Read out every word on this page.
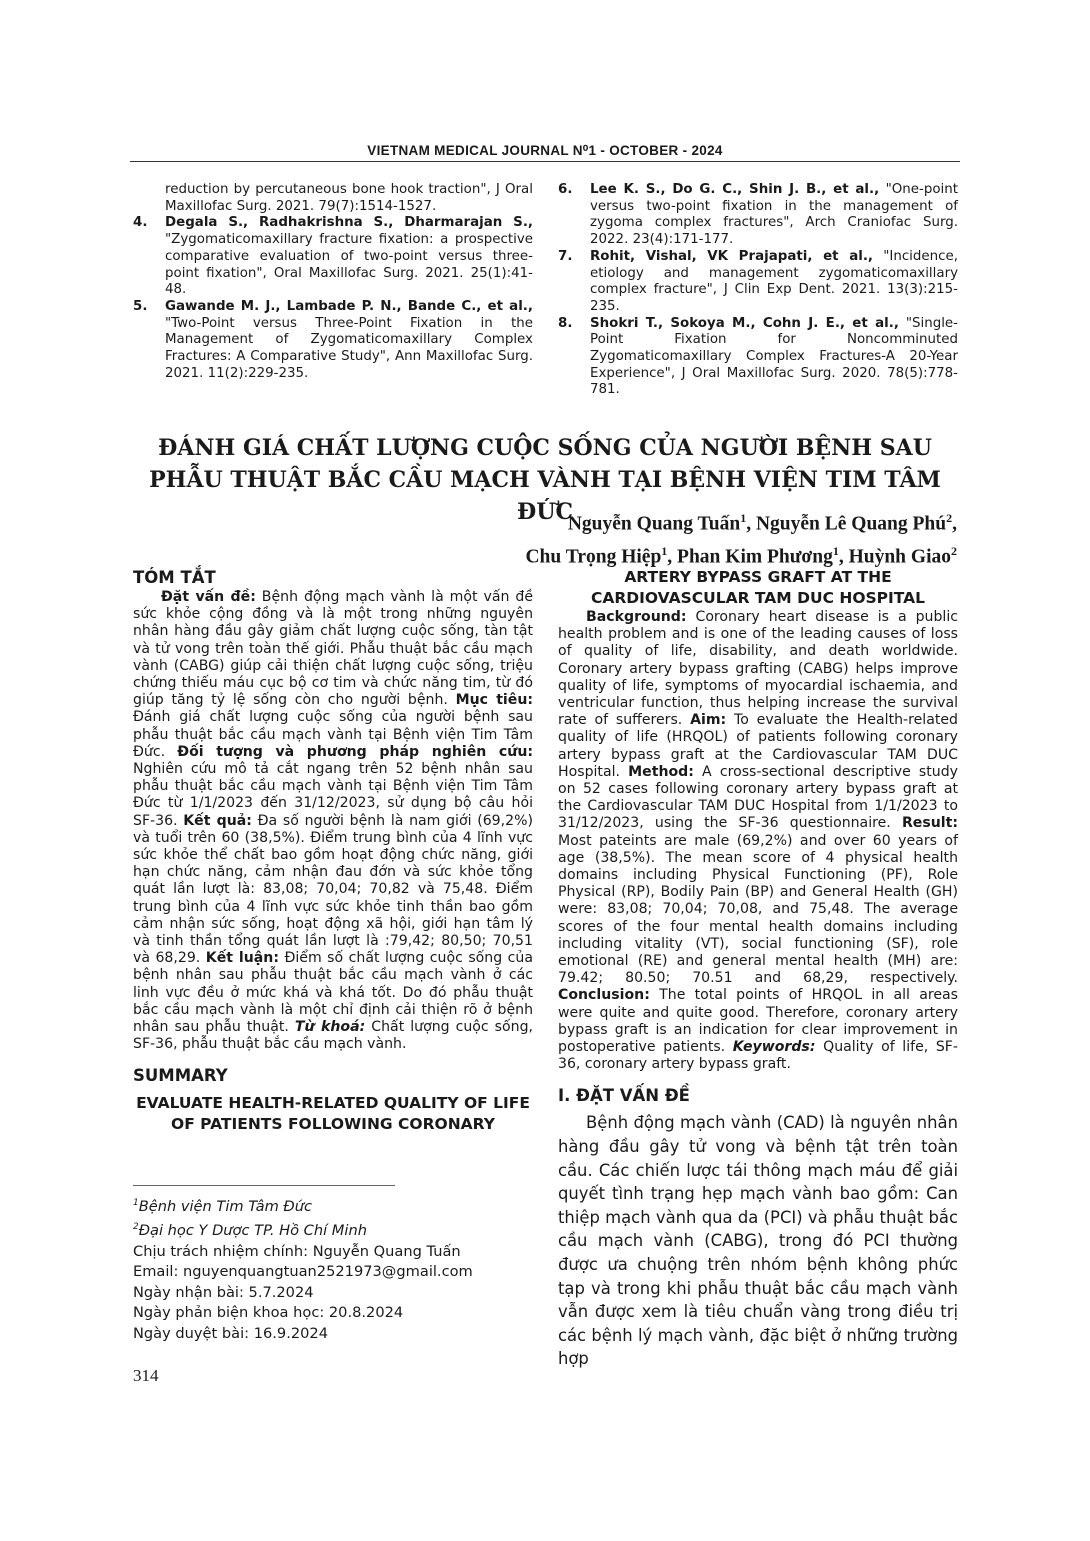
VIETNAM MEDICAL JOURNAL N⁰1 - OCTOBER - 2024
reduction by percutaneous bone hook traction", J Oral Maxillofac Surg. 2021. 79(7):1514-1527.
4.	Degala S., Radhakrishna S., Dharmarajan S., "Zygomaticomaxillary fracture fixation: a prospective comparative evaluation of two-point versus three-point fixation", Oral Maxillofac Surg. 2021. 25(1):41-48.
5.	Gawande M. J., Lambade P. N., Bande C., et al., "Two-Point versus Three-Point Fixation in the Management of Zygomaticomaxillary Complex Fractures: A Comparative Study", Ann Maxillofac Surg. 2021. 11(2):229-235.
6.	Lee K. S., Do G. C., Shin J. B., et al., "One-point versus two-point fixation in the management of zygoma complex fractures", Arch Craniofac Surg. 2022. 23(4):171-177.
7.	Rohit, Vishal, VK Prajapati, et al., "Incidence, etiology and management zygomaticomaxillary complex fracture", J Clin Exp Dent. 2021. 13(3):215-235.
8.	Shokri T., Sokoya M., Cohn J. E., et al., "Single-Point Fixation for Noncomminuted Zygomaticomaxillary Complex Fractures-A 20-Year Experience", J Oral Maxillofac Surg. 2020. 78(5):778-781.
ĐÁNH GIÁ CHẤT LƯỢNG CUỘC SỐNG CỦA NGƯỜI BỆNH SAU
PHẪU THUẬT BẮC CẦU MẠCH VÀNH TẠI BỆNH VIỆN TIM TÂM ĐỨC
Nguyễn Quang Tuấn$^1$, Nguyễn Lê Quang Phú$^2$,
Chu Trọng Hiệp$^1$, Phan Kim Phương$^1$, Huỳnh Giao$^2$
TÓM TẮT

Đặt vấn đề: Bệnh động mạch vành là một vấn đề sức khỏe cộng đồng và là một trong những nguyên nhân hàng đầu gây giảm chất lượng cuộc sống, tàn tật và tử vong trên toàn thế giới. Phẫu thuật bắc cầu mạch vành (CABG) giúp cải thiện chất lượng cuộc sống, triệu chứng thiếu máu cục bộ cơ tim và chức năng tim, từ đó giúp tăng tỷ lệ sống còn cho người bệnh. Mục tiêu: Đánh giá chất lượng cuộc sống của người bệnh sau phẫu thuật bắc cầu mạch vành tại Bệnh viện Tim Tâm Đức. Đối tượng và phương pháp nghiên cứu: Nghiên cứu mô tả cắt ngang trên 52 bệnh nhân sau phẫu thuật bắc cầu mạch vành tại Bệnh viện Tim Tâm Đức từ 1/1/2023 đến 31/12/2023, sử dụng bộ câu hỏi SF-36. Kết quả: Đa số người bệnh là nam giới (69,2%) và tuổi trên 60 (38,5%). Điểm trung bình của 4 lĩnh vực sức khỏe thể chất bao gồm hoạt động chức năng, giới hạn chức năng, cảm nhận đau đớn và sức khỏe tổng quát lần lượt là: 83,08; 70,04; 70,82 và 75,48. Điểm trung bình của 4 lĩnh vực sức khỏe tinh thần bao gồm cảm nhận sức sống, hoạt động xã hội, giới hạn tâm lý và tinh thần tổng quát lần lượt là :79,42; 80,50; 70,51 và 68,29. Kết luận: Điểm số chất lượng cuộc sống của bệnh nhân sau phẫu thuật bắc cầu mạch vành ở các linh vực đều ở mức khá và khá tốt. Do đó phẫu thuật bắc cầu mạch vành là một chỉ định cải thiện rõ ở bệnh nhân sau phẫu thuật. Từ khoá: Chất lượng cuộc sống, SF-36, phẫu thuật bắc cầu mạch vành.

SUMMARY

EVALUATE HEALTH-RELATED QUALITY OF LIFE OF PATIENTS FOLLOWING CORONARY

ARTERY BYPASS GRAFT AT THE CARDIOVASCULAR TAM DUC HOSPITAL

Background: Coronary heart disease is a public health problem and is one of the leading causes of loss of quality of life, disability, and death worldwide. Coronary artery bypass grafting (CABG) helps improve quality of life, symptoms of myocardial ischaemia, and ventricular function, thus helping increase the survival rate of sufferers. Aim: To evaluate the Health-related quality of life (HRQOL) of patients following coronary artery bypass graft at the Cardiovascular TAM DUC Hospital. Method: A cross-sectional descriptive study on 52 cases following coronary artery bypass graft at the Cardiovascular TAM DUC Hospital from 1/1/2023 to 31/12/2023, using the SF-36 questionnaire. Result: Most pateints are male (69,2%) and over 60 years of age (38,5%). The mean score of 4 physical health domains including Physical Functioning (PF), Role Physical (RP), Bodily Pain (BP) and General Health (GH) were: 83,08; 70,04; 70,08, and 75,48. The average scores of the four mental health domains including including vitality (VT), social functioning (SF), role emotional (RE) and general mental health (MH) are: 79.42; 80.50; 70.51 and 68,29, respectively. Conclusion: The total points of HRQOL in all areas were quite and quite good. Therefore, coronary artery bypass graft is an indication for clear improvement in postoperative patients. Keywords: Quality of life, SF-36, coronary artery bypass graft.

I. ĐẶT VẤN ĐỀ

Bệnh động mạch vành (CAD) là nguyên nhân hàng đầu gây tử vong và bệnh tật trên toàn cầu. Các chiến lược tái thông mạch máu để giải quyết tình trạng hẹp mạch vành bao gồm: Can thiệp mạch vành qua da (PCI) và phẫu thuật bắc cầu mạch vành (CABG), trong đó PCI thường được ưa chuộng trên nhóm bệnh không phức tạp và trong khi phẫu thuật bắc cầu mạch vành vẫn được xem là tiêu chuẩn vàng trong điều trị các bệnh lý mạch vành, đặc biệt ở những trường hợp

$^1$Bệnh viện Tim Tâm Đức
$^2$Đại học Y Dược TP. Hồ Chí Minh
Chịu trách nhiệm chính: Nguyễn Quang Tuấn
Email: nguyenquangtuan2521973@gmail.com
Ngày nhận bài: 5.7.2024
Ngày phản biện khoa học: 20.8.2024
Ngày duyệt bài: 16.9.2024
314
